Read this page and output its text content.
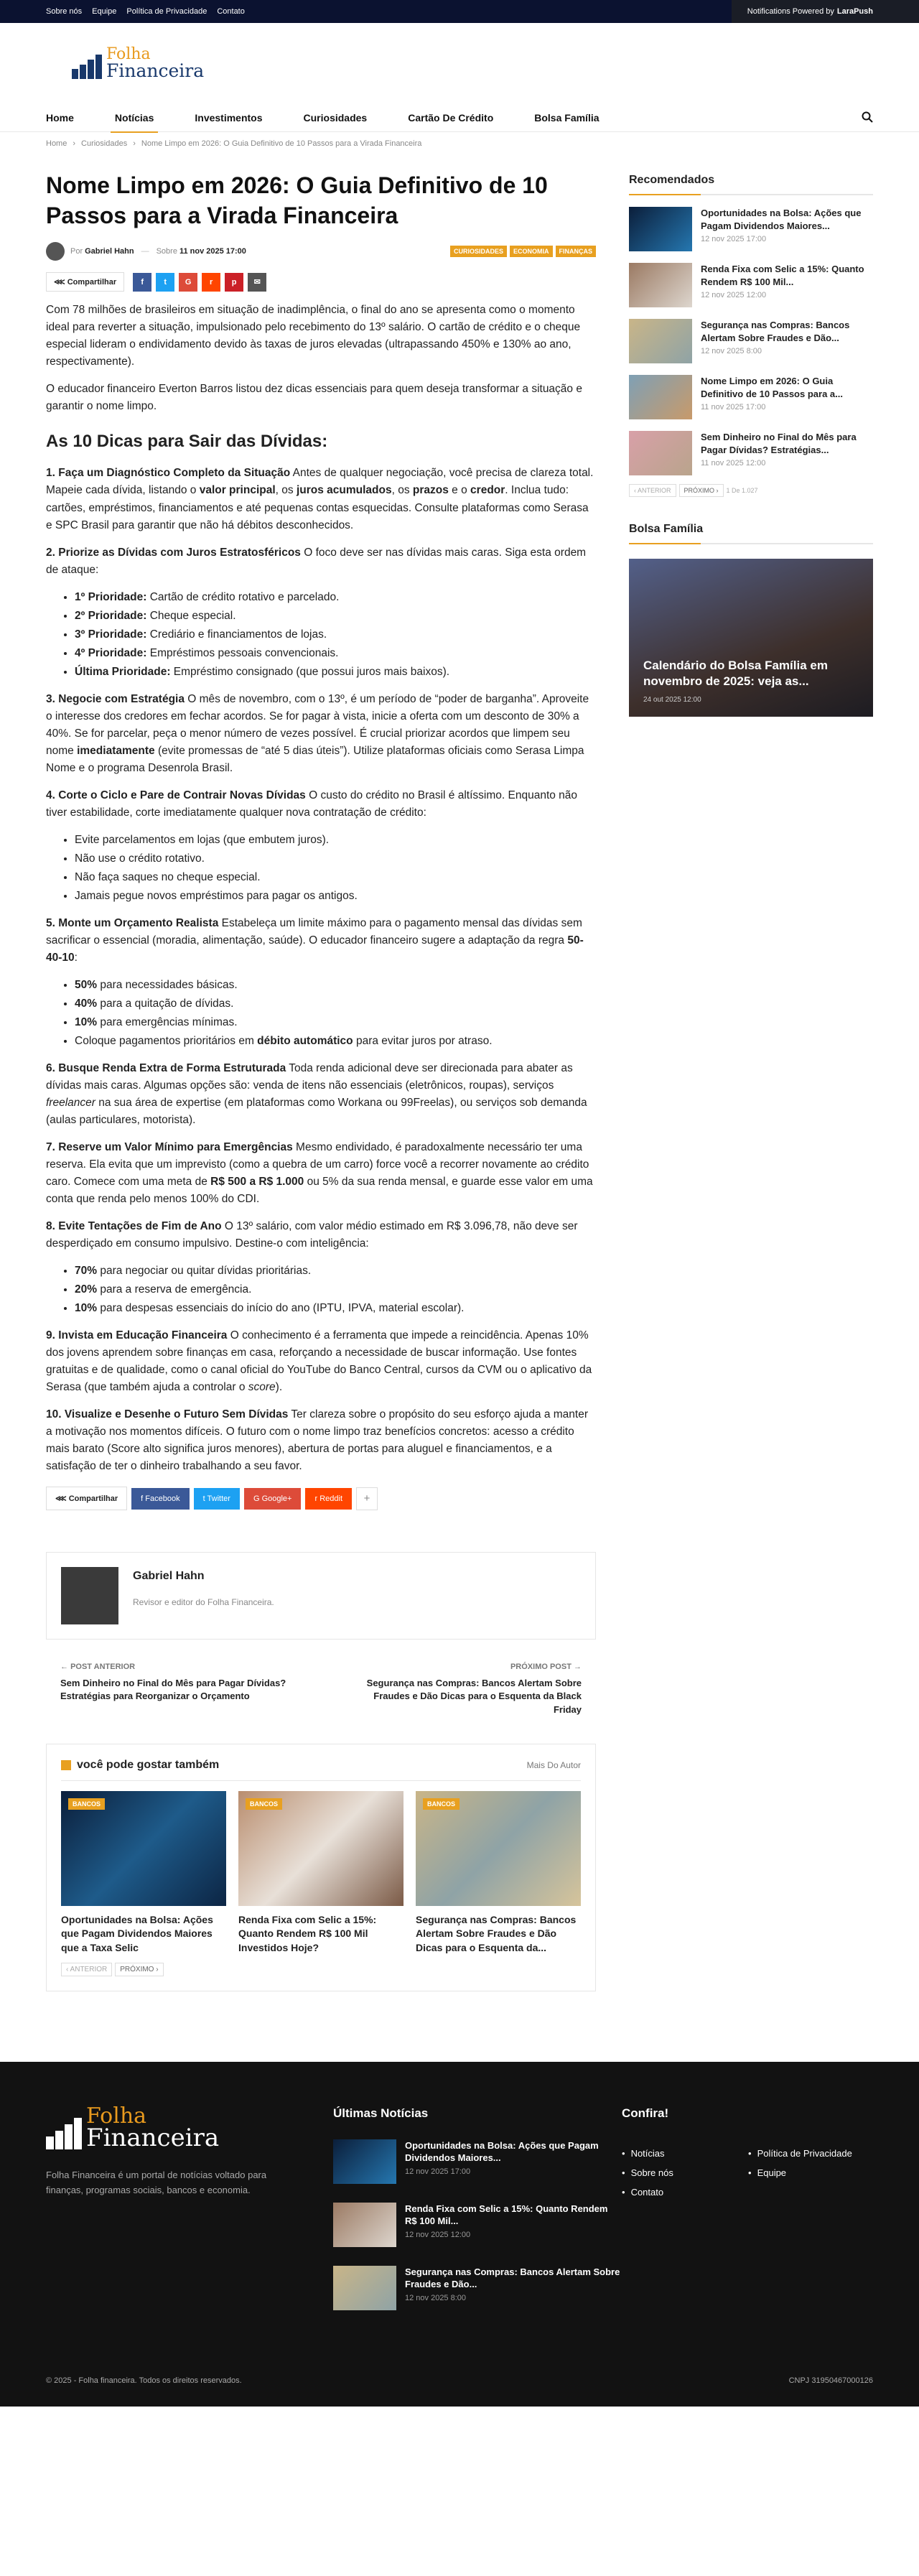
Sobre nós Equipe Política de Privacidade Contato	Notifications Powered by LaraPush
Folha
Financeira
Home	Notícias	Investimentos	Curiosidades	Cartão De Crédito	Bolsa Família
Home › Curiosidades › Nome Limpo em 2026: O Guia Definitivo de 10 Passos para a Virada Financeira
Nome Limpo em 2026: O Guia Definitivo de 10 Passos para a Virada Financeira
Por Gabriel Hahn — Sobre 11 nov 2025 17:00	CURIOSIDADES	ECONOMIA	FINANÇAS
⋘ Compartilhar	f	t	G	r	p	✉

Com 78 milhões de brasileiros em situação de inadimplência, o final do ano se apresenta como o momento ideal para reverter a situação, impulsionado pelo recebimento do 13º salário. O cartão de crédito e o cheque especial lideram o endividamento devido às taxas de juros elevadas (ultrapassando 450% e 130% ao ano, respectivamente).

O educador financeiro Everton Barros listou dez dicas essenciais para quem deseja transformar a situação e garantir o nome limpo.

As 10 Dicas para Sair das Dívidas:

1. Faça um Diagnóstico Completo da Situação Antes de qualquer negociação, você precisa de clareza total. Mapeie cada dívida, listando o valor principal, os juros acumulados, os prazos e o credor. Inclua tudo: cartões, empréstimos, financiamentos e até pequenas contas esquecidas. Consulte plataformas como Serasa e SPC Brasil para garantir que não há débitos desconhecidos.

2. Priorize as Dívidas com Juros Estratosféricos O foco deve ser nas dívidas mais caras. Siga esta ordem de ataque:

• 1º Prioridade: Cartão de crédito rotativo e parcelado.
• 2º Prioridade: Cheque especial.
• 3º Prioridade: Crediário e financiamentos de lojas.
• 4º Prioridade: Empréstimos pessoais convencionais.
• Última Prioridade: Empréstimo consignado (que possui juros mais baixos).

3. Negocie com Estratégia O mês de novembro, com o 13º, é um período de “poder de barganha”. Aproveite o interesse dos credores em fechar acordos. Se for pagar à vista, inicie a oferta com um desconto de 30% a 40%. Se for parcelar, peça o menor número de vezes possível. É crucial priorizar acordos que limpem seu nome imediatamente (evite promessas de “até 5 dias úteis”). Utilize plataformas oficiais como Serasa Limpa Nome e o programa Desenrola Brasil.

4. Corte o Ciclo e Pare de Contrair Novas Dívidas O custo do crédito no Brasil é altíssimo. Enquanto não tiver estabilidade, corte imediatamente qualquer nova contratação de crédito:

• Evite parcelamentos em lojas (que embutem juros).
• Não use o crédito rotativo.
• Não faça saques no cheque especial.
• Jamais pegue novos empréstimos para pagar os antigos.

5. Monte um Orçamento Realista Estabeleça um limite máximo para o pagamento mensal das dívidas sem sacrificar o essencial (moradia, alimentação, saúde). O educador financeiro sugere a adaptação da regra 50-40-10:

• 50% para necessidades básicas.
• 40% para a quitação de dívidas.
• 10% para emergências mínimas.
• Coloque pagamentos prioritários em débito automático para evitar juros por atraso.

6. Busque Renda Extra de Forma Estruturada Toda renda adicional deve ser direcionada para abater as dívidas mais caras. Algumas opções são: venda de itens não essenciais (eletrônicos, roupas), serviços freelancer na sua área de expertise (em plataformas como Workana ou 99Freelas), ou serviços sob demanda (aulas particulares, motorista).

7. Reserve um Valor Mínimo para Emergências Mesmo endividado, é paradoxalmente necessário ter uma reserva. Ela evita que um imprevisto (como a quebra de um carro) force você a recorrer novamente ao crédito caro. Comece com uma meta de R$ 500 a R$ 1.000 ou 5% da sua renda mensal, e guarde esse valor em uma conta que renda pelo menos 100% do CDI.

8. Evite Tentações de Fim de Ano O 13º salário, com valor médio estimado em R$ 3.096,78, não deve ser desperdiçado em consumo impulsivo. Destine-o com inteligência:

• 70% para negociar ou quitar dívidas prioritárias.
• 20% para a reserva de emergência.
• 10% para despesas essenciais do início do ano (IPTU, IPVA, material escolar).

9. Invista em Educação Financeira O conhecimento é a ferramenta que impede a reincidência. Apenas 10% dos jovens aprendem sobre finanças em casa, reforçando a necessidade de buscar informação. Use fontes gratuitas e de qualidade, como o canal oficial do YouTube do Banco Central, cursos da CVM ou o aplicativo da Serasa (que também ajuda a controlar o score).

10. Visualize e Desenhe o Futuro Sem Dívidas Ter clareza sobre o propósito do seu esforço ajuda a manter a motivação nos momentos difíceis. O futuro com o nome limpo traz benefícios concretos: acesso a crédito mais barato (Score alto significa juros menores), abertura de portas para aluguel e financiamentos, e a satisfação de ter o dinheiro trabalhando a seu favor.

⋘ Compartilhar	f Facebook	t Twitter	G Google+	r Reddit	+
Gabriel Hahn
Revisor e editor do Folha Financeira.
← POST ANTERIOR
Sem Dinheiro no Final do Mês para Pagar Dívidas? Estratégias para Reorganizar o Orçamento
PRÓXIMO POST →
Segurança nas Compras: Bancos Alertam Sobre Fraudes e Dão Dicas para o Esquenta da Black Friday
você pode gostar também	Mais Do Autor
BANCOS
Oportunidades na Bolsa: Ações que Pagam Dividendos Maiores que a Taxa Selic
BANCOS
Renda Fixa com Selic a 15%: Quanto Rendem R$ 100 Mil Investidos Hoje?
BANCOS
Segurança nas Compras: Bancos Alertam Sobre Fraudes e Dão Dicas para o Esquenta da...
‹ ANTERIOR	PRÓXIMO ›
Recomendados
Oportunidades na Bolsa: Ações que Pagam Dividendos Maiores...
12 nov 2025 17:00
Renda Fixa com Selic a 15%: Quanto Rendem R$ 100 Mil...
12 nov 2025 12:00
Segurança nas Compras: Bancos Alertam Sobre Fraudes e Dão...
12 nov 2025 8:00
Nome Limpo em 2026: O Guia Definitivo de 10 Passos para a...
11 nov 2025 17:00
Sem Dinheiro no Final do Mês para Pagar Dívidas? Estratégias...
11 nov 2025 12:00
‹ ANTERIOR	PRÓXIMO ›	1 De 1.027
Bolsa Família
Calendário do Bolsa Família em novembro de 2025: veja as...
24 out 2025 12:00
Folha
Financeira
Folha Financeira é um portal de notícias voltado para finanças, programas sociais, bancos e economia.
Últimas Notícias
Oportunidades na Bolsa: Ações que Pagam Dividendos Maiores...
12 nov 2025 17:00
Renda Fixa com Selic a 15%: Quanto Rendem R$ 100 Mil...
12 nov 2025 12:00
Segurança nas Compras: Bancos Alertam Sobre Fraudes e Dão...
12 nov 2025 8:00
Confira!
• Notícias	• Política de Privacidade
• Sobre nós	• Equipe
• Contato
© 2025 - Folha financeira. Todos os direitos reservados.	CNPJ 31950467000126
